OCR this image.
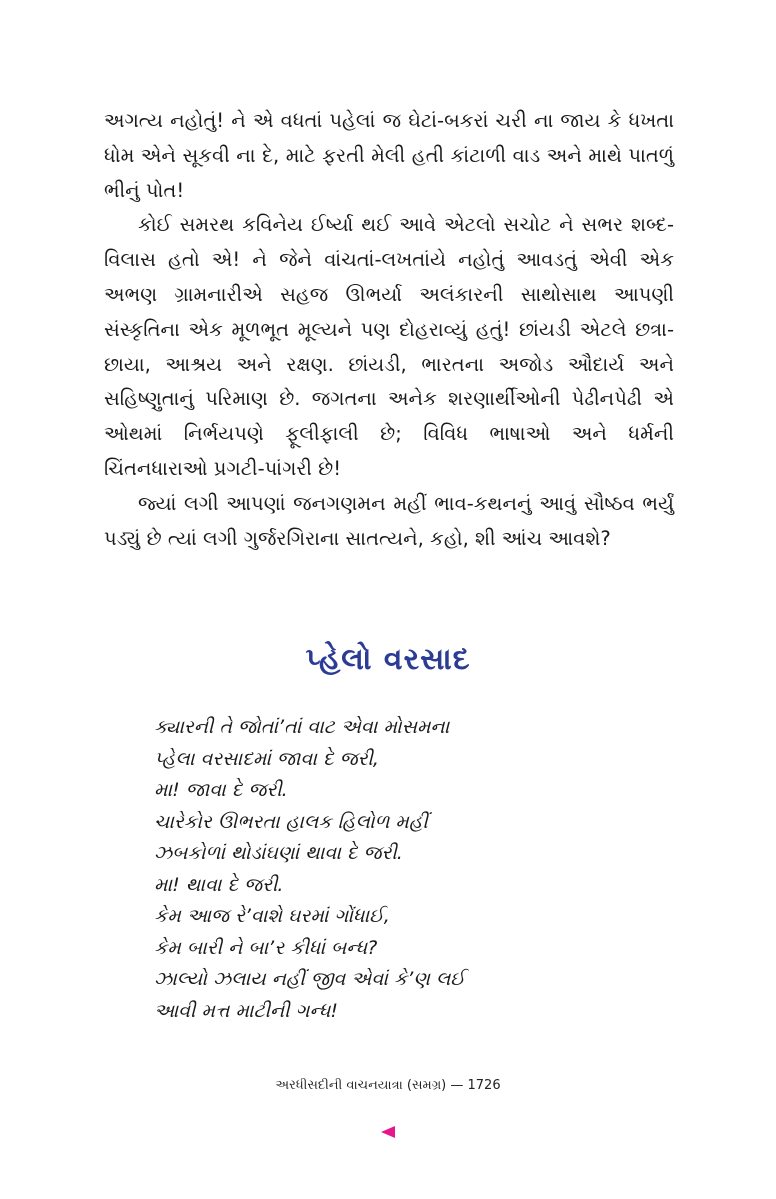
અગત્ય નહોતું! ને એ વધતાં પહેલાં જ ઘેટાં-બકરાં ચરી ના જાય કે ધખતા ધોમ એને સૂકવી ના દે, માટે ફરતી મેલી હતી કાંટાળી વાડ અને માથે પાતળું ભીનું પોત!

કોઈ સમરથ કવિનેય ઈર્ષ્યા થઈ આવે એટલો સચોટ ને સભર શબ્દ-વિલાસ હતો એ! ને જેને વાંચતાં-લખતાંયે નહોતું આવડતું એવી એક અભણ ગ્રામનારીએ સહજ ઊભર્યા અલંકારની સાથોસાથ આપણી સંસ્કૃતિના એક મૂળભૂત મૂલ્યને પણ દોહરાવ્યું હતું! છાંયડી એટલે છત્રા-છાયા, આશ્રય અને રક્ષણ. છાંયડી, ભારતના અજોડ ઔદાર્ય અને સહિષ્ણુતાનું પરિમાણ છે. જગતના અનેક શરણાર્થીઓની પેઢીનપેઢી એ ઓથમાં નિર્ભયપણે ફૂલીફાલી છે; વિવિધ ભાષાઓ અને ધર્મની ચિંતનધારાઓ પ્રગટી-પાંગરી છે!

જ્યાં લગી આપણાં જનગણમન મહીં ભાવ-કથનનું આવું સૌષ્ઠવ ભર્યું પડ્યું છે ત્યાં લગી ગુર્જરગિરાના સાતત્યને, કહો, શી આંચ આવશે?

પ્હેલો વરસાદ
ક્યારની તે જોતાં’તાં વાટ એવા મોસમના
પ્હેલા વરસાદમાં જાવા દે જરી,
મા! જાવા દે જરી.
ચારેકોર ઊભરતા હાલક હિલોળ મહીં
ઝબકોળાં થોડાંઘણાં થાવા દે જરી.
મા! થાવા દે જરી.
કેમ આજ રે’વાશે ઘરમાં ગોંધાઈ,
કેમ બારી ને બા’ર કીધાં બન્ધ?
ઝાલ્યો ઝલાય નહીં જીવ એવાં કે’ણ લઈ
આવી મત્ત માટીની ગન્ધ!
અરધીસદીની વાચનયાત્રા (સમગ્ર) — 1726
